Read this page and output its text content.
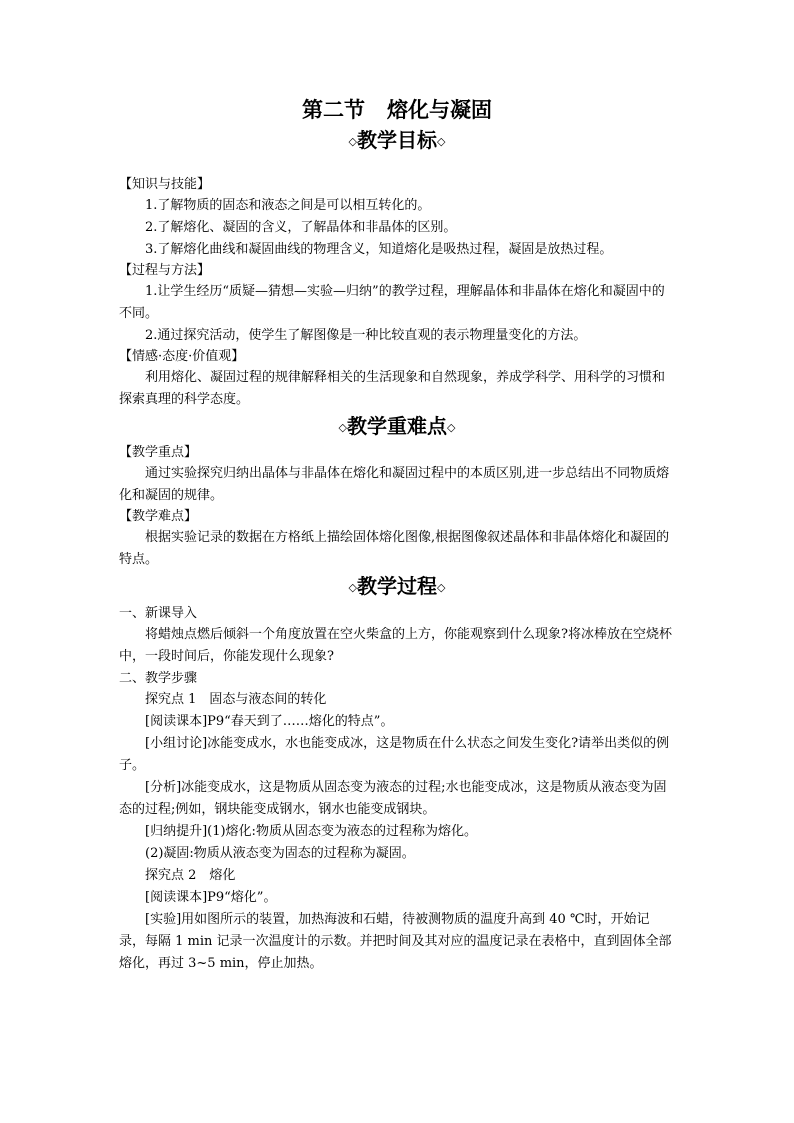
第二节 熔化与凝固
◇教学目标◇

【知识与技能】

1.了解物质的固态和液态之间是可以相互转化的。

2.了解熔化、凝固的含义，了解晶体和非晶体的区别。

3.了解熔化曲线和凝固曲线的物理含义，知道熔化是吸热过程，凝固是放热过程。

【过程与方法】

1.让学生经历“质疑—猜想—实验—归纳”的教学过程，理解晶体和非晶体在熔化和凝固中的不同。

2.通过探究活动，使学生了解图像是一种比较直观的表示物理量变化的方法。

【情感·态度·价值观】

利用熔化、凝固过程的规律解释相关的生活现象和自然现象，养成学科学、用科学的习惯和探索真理的科学态度。

◇教学重难点◇

【教学重点】

通过实验探究归纳出晶体与非晶体在熔化和凝固过程中的本质区别,进一步总结出不同物质熔化和凝固的规律。

【教学难点】

根据实验记录的数据在方格纸上描绘固体熔化图像,根据图像叙述晶体和非晶体熔化和凝固的特点。

◇教学过程◇

一、新课导入

将蜡烛点燃后倾斜一个角度放置在空火柴盒的上方，你能观察到什么现象?将冰棒放在空烧杯中，一段时间后，你能发现什么现象?

二、教学步骤

探究点 1　固态与液态间的转化

[阅读课本]P9“春天到了……熔化的特点”。

[小组讨论]冰能变成水，水也能变成冰，这是物质在什么状态之间发生变化?请举出类似的例子。

[分析]冰能变成水，这是物质从固态变为液态的过程;水也能变成冰，这是物质从液态变为固态的过程;例如，钢块能变成钢水，钢水也能变成钢块。

[归纳提升](1)熔化:物质从固态变为液态的过程称为熔化。

(2)凝固:物质从液态变为固态的过程称为凝固。

探究点 2　熔化

[阅读课本]P9“熔化”。

[实验]用如图所示的装置，加热海波和石蜡，待被测物质的温度升高到 40 ℃时，开始记录，每隔 1 min 记录一次温度计的示数。并把时间及其对应的温度记录在表格中，直到固体全部熔化，再过 3~5 min，停止加热。
